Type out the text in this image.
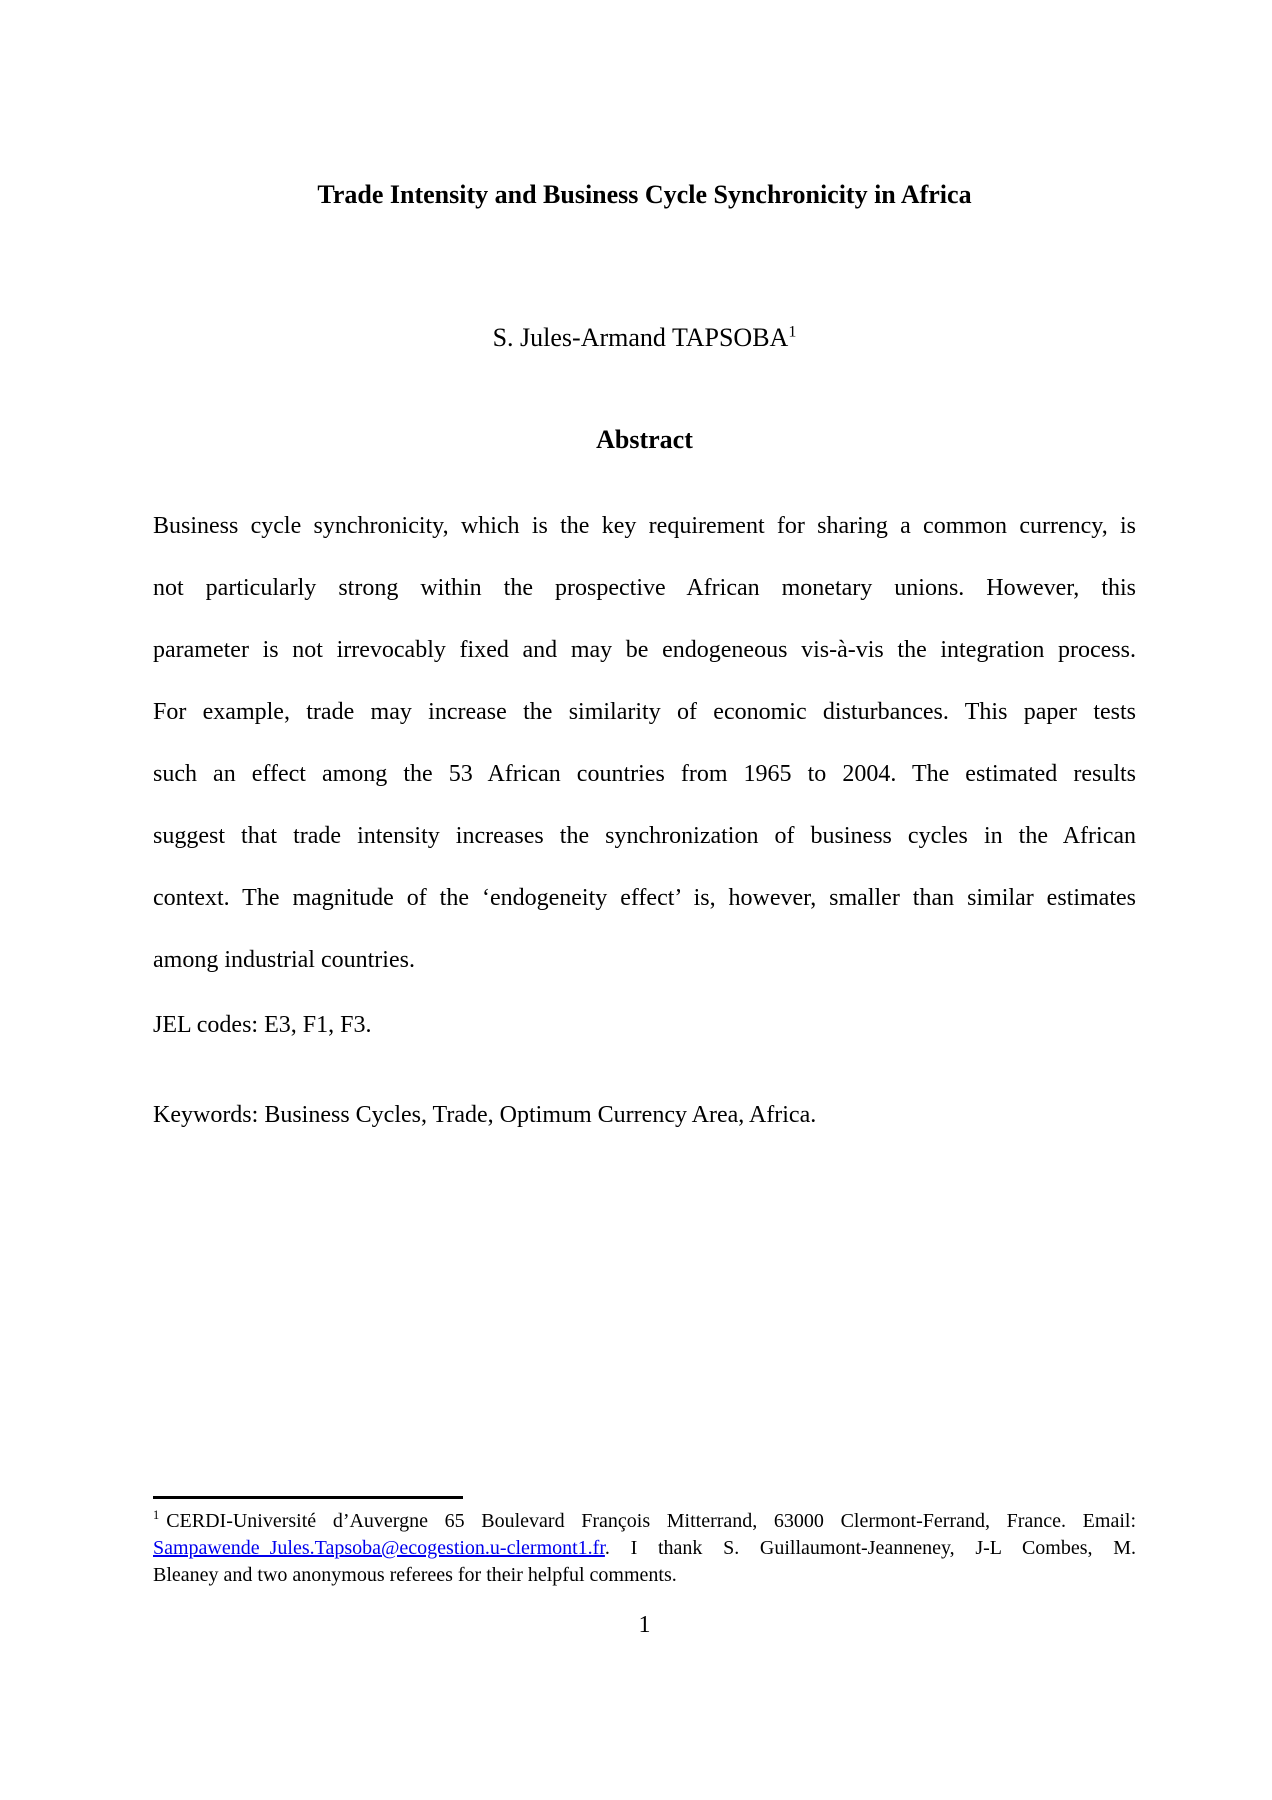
Trade Intensity and Business Cycle Synchronicity in Africa
S. Jules-Armand TAPSOBA$^1$
Abstract
Business cycle synchronicity, which is the key requirement for sharing a common currency, is
not particularly strong within the prospective African monetary unions. However, this
parameter is not irrevocably fixed and may be endogeneous vis-à-vis the integration process.
For example, trade may increase the similarity of economic disturbances. This paper tests
such an effect among the 53 African countries from 1965 to 2004. The estimated results
suggest that trade intensity increases the synchronization of business cycles in the African
context. The magnitude of the ‘endogeneity effect’ is, however, smaller than similar estimates
among industrial countries.
JEL codes: E3, F1, F3.
Keywords: Business Cycles, Trade, Optimum Currency Area, Africa.
$^1$ CERDI-Université d’Auvergne 65 Boulevard François Mitterrand, 63000 Clermont-Ferrand, France. Email:
Sampawende_Jules.Tapsoba@ecogestion.u-clermont1.fr. I thank S. Guillaumont-Jeanneney, J-L Combes, M.
Bleaney and two anonymous referees for their helpful comments.
1
